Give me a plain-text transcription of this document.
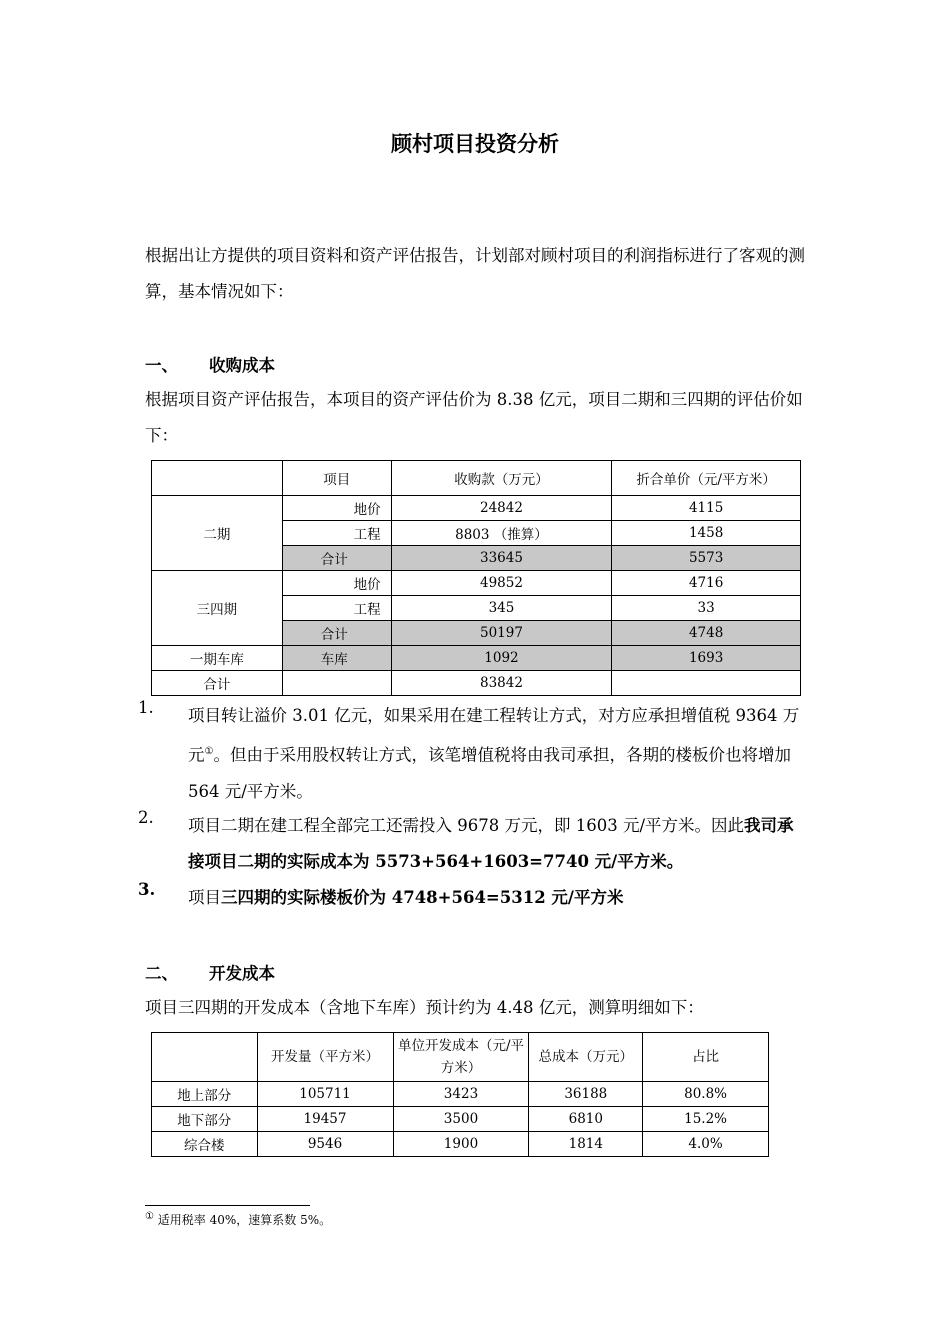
顾村项目投资分析
根据出让方提供的项目资料和资产评估报告，计划部对顾村项目的利润指标进行了客观的测算，基本情况如下：
一、 收购成本
根据项目资产评估报告，本项目的资产评估价为 8.38 亿元，项目二期和三四期的评估价如下：
	项目	收购款（万元）	折合单价（元/平方米）
二期	地价	24842	4115
	工程	8803 （推算）	1458
	合计	33645	5573
三四期	地价	49852	4716
	工程	345	33
	合计	50197	4748
一期车库	车库	1092	1693
合计		83842	
1. 项目转让溢价 3.01 亿元，如果采用在建工程转让方式，对方应承担增值税 9364 万元①。但由于采用股权转让方式，该笔增值税将由我司承担，各期的楼板价也将增加 564 元/平方米。
2. 项目二期在建工程全部完工还需投入 9678 万元，即 1603 元/平方米。因此我司承接项目二期的实际成本为 5573+564+1603=7740 元/平方米。
3. 项目三四期的实际楼板价为 4748+564=5312 元/平方米
二、 开发成本
项目三四期的开发成本（含地下车库）预计约为 4.48 亿元，测算明细如下：
	开发量（平方米）	单位开发成本（元/平方米）	总成本（万元）	占比
地上部分	105711	3423	36188	80.8%
地下部分	19457	3500	6810	15.2%
综合楼	9546	1900	1814	4.0%
① 适用税率 40%，速算系数 5%。
